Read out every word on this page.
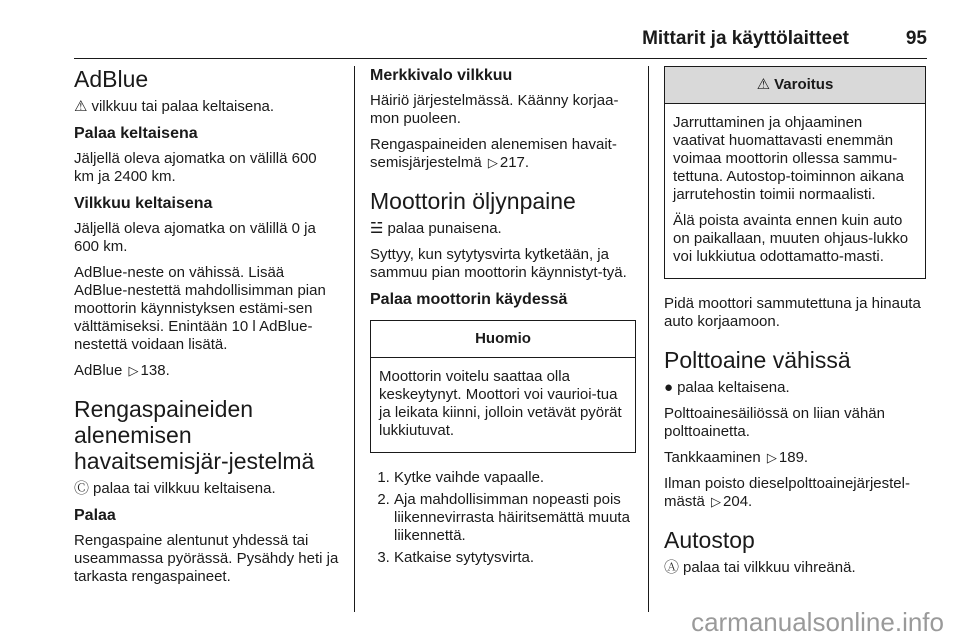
Mittarit ja käyttölaitteet	95
AdBlue

⚠ vilkkuu tai palaa keltaisena.

Palaa keltaisena

Jäljellä oleva ajomatka on välillä 600 km ja 2400 km.

Vilkkuu keltaisena

Jäljellä oleva ajomatka on välillä 0 ja 600 km.

AdBlue-neste on vähissä. Lisää AdBlue-nestettä mahdollisimman pian moottorin käynnistyksen estämi-sen välttämiseksi. Enintään 10 l AdBlue-nestettä voidaan lisätä.

AdBlue ▷ 138.

Rengaspaineiden alenemisen havaitsemisjär-jestelmä

Ⓒ palaa tai vilkkuu keltaisena.

Palaa

Rengaspaine alentunut yhdessä tai useammassa pyörässä. Pysähdy heti ja tarkasta rengaspaineet.

Merkkivalo vilkkuu

Häiriö järjestelmässä. Käänny korjaa-mon puoleen.

Rengaspaineiden alenemisen havait-semisjärjestelmä ▷ 217.

Moottorin öljynpaine

☱ palaa punaisena.

Syttyy, kun sytytysvirta kytketään, ja sammuu pian moottorin käynnistyt-tyä.

Palaa moottorin käydessä
Huomio

Moottorin voitelu saattaa olla keskeytynyt. Moottori voi vaurioi-tua ja leikata kiinni, jolloin vetävät pyörät lukkiutuvat.

1. Kytke vaihde vapaalle.
2. Aja mahdollisimman nopeasti pois liikennevirrasta häiritsemättä muuta liikennettä.
3. Katkaise sytytysvirta.
⚠ Varoitus

Jarruttaminen ja ohjaaminen vaativat huomattavasti enemmän voimaa moottorin ollessa sammu-tettuna. Autostop-toiminnon aikana jarrutehostin toimii normaalisti.

Älä poista avainta ennen kuin auto on paikallaan, muuten ohjaus-lukko voi lukkiutua odottamatto-masti.

Pidä moottori sammutettuna ja hinauta auto korjaamoon.

Polttoaine vähissä

● palaa keltaisena.

Polttoainesäiliössä on liian vähän polttoainetta.

Tankkaaminen ▷ 189.

Ilman poisto dieselpolttoainejärjestel-mästä ▷ 204.

Autostop

Ⓐ palaa tai vilkkuu vihreänä.

carmanualsonline.info
